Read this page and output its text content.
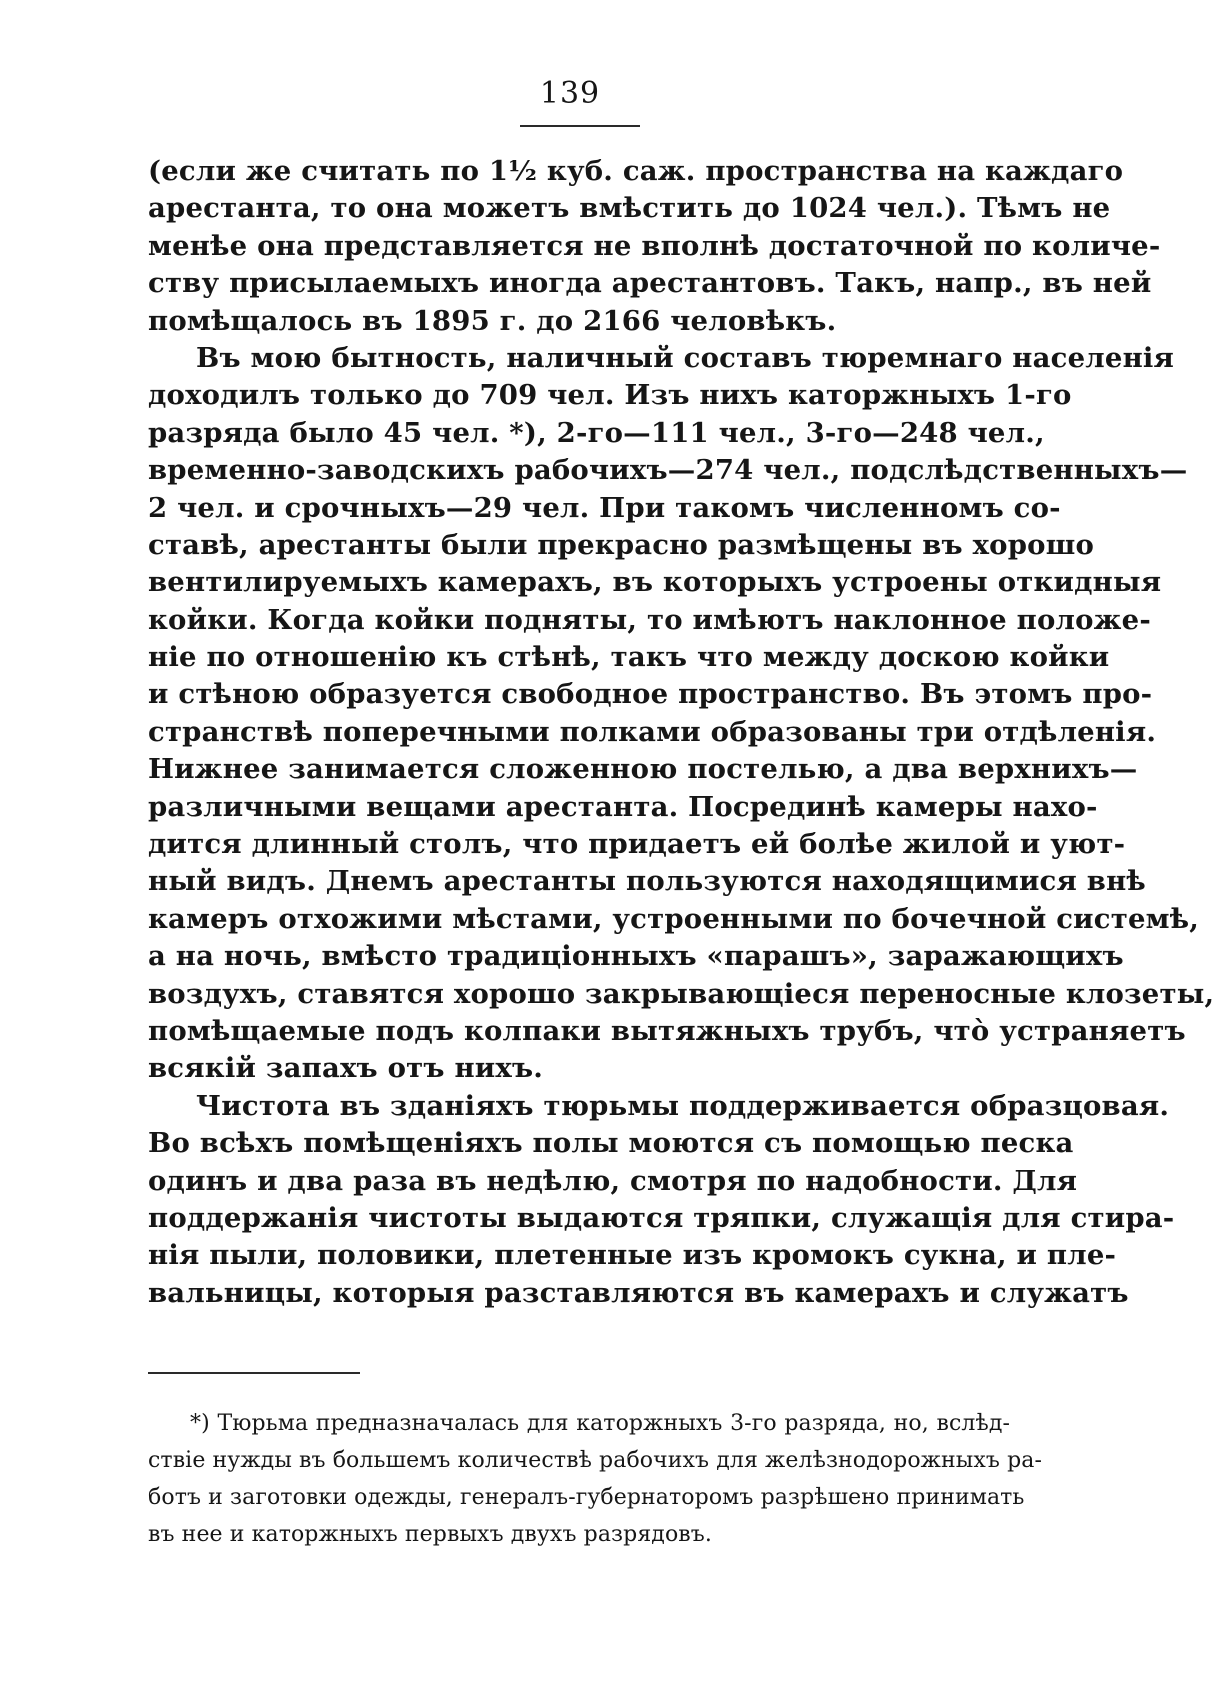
139
(если же считать по 1½ куб. саж. пространства на каждаго
арестанта, то она можетъ вмѣстить до 1024 чел.). Тѣмъ не
менѣе она представляется не вполнѣ достаточной по количе-
ству присылаемыхъ иногда арестантовъ. Такъ, напр., въ ней
помѣщалось въ 1895 г. до 2166 человѣкъ.
Въ мою бытность, наличный составъ тюремнаго населенія
доходилъ только до 709 чел. Изъ нихъ каторжныхъ 1-го
разряда было 45 чел. *), 2-го—111 чел., 3-го—248 чел.,
временно-заводскихъ рабочихъ—274 чел., подслѣдственныхъ—
2 чел. и срочныхъ—29 чел. При такомъ численномъ со-
ставѣ, арестанты были прекрасно размѣщены въ хорошо
вентилируемыхъ камерахъ, въ которыхъ устроены откидныя
койки. Когда койки подняты, то имѣютъ наклонное положе-
ніе по отношенію къ стѣнѣ, такъ что между доскою койки
и стѣною образуется свободное пространство. Въ этомъ про-
странствѣ поперечными полками образованы три отдѣленія.
Нижнее занимается сложенною постелью, а два верхнихъ—
различными вещами арестанта. Посрединѣ камеры нахо-
дится длинный столъ, что придаетъ ей болѣе жилой и уют-
ный видъ. Днемъ арестанты пользуются находящимися внѣ
камеръ отхожими мѣстами, устроенными по бочечной системѣ,
а на ночь, вмѣсто традиціонныхъ «парашъ», заражающихъ
воздухъ, ставятся хорошо закрывающіеся переносные клозеты,
помѣщаемые подъ колпаки вытяжныхъ трубъ, что̀ устраняетъ
всякій запахъ отъ нихъ.
Чистота въ зданіяхъ тюрьмы поддерживается образцовая.
Во всѣхъ помѣщеніяхъ полы моются съ помощью песка
одинъ и два раза въ недѣлю, смотря по надобности. Для
поддержанія чистоты выдаются тряпки, служащія для стира-
нія пыли, половики, плетенные изъ кромокъ сукна, и пле-
вальницы, которыя разставляются въ камерахъ и служатъ
*) Тюрьма предназначалась для каторжныхъ 3-го разряда, но, вслѣд-
ствіе нужды въ большемъ количествѣ рабочихъ для желѣзнодорожныхъ ра-
ботъ и заготовки одежды, генералъ-губернаторомъ разрѣшено принимать
въ нее и каторжныхъ первыхъ двухъ разрядовъ.
